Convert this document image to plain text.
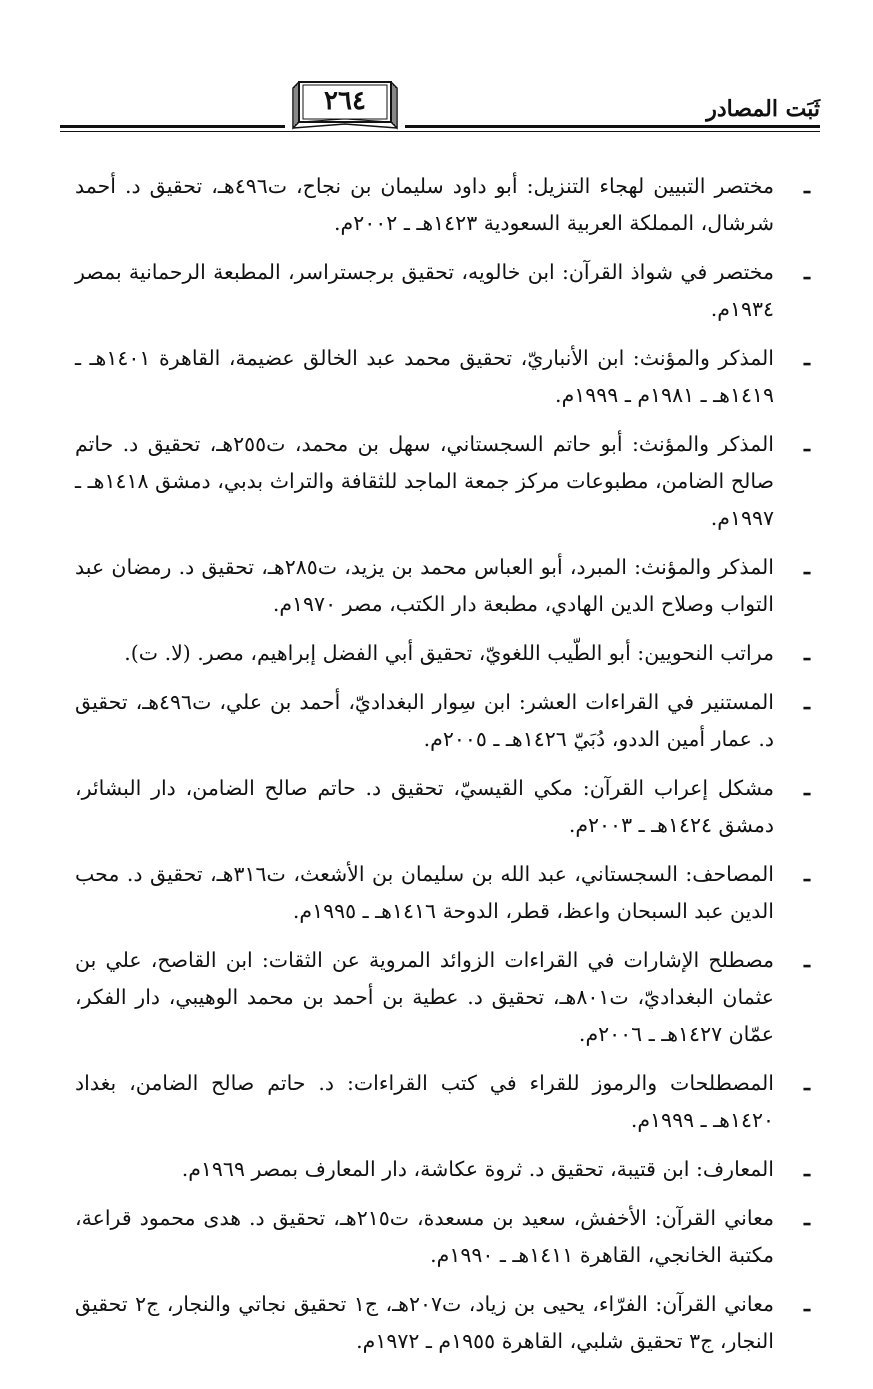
ثَبَت المصادر
٢٦٤
ـ
مختصر التبيين لهجاء التنزيل: أبو داود سليمان بن نجاح، ت٤٩٦هـ، تحقيق د. أحمد شرشال، المملكة العربية السعودية ١٤٢٣هـ ـ ٢٠٠٢م.
ـ
مختصر في شواذ القرآن: ابن خالويه، تحقيق برجستراسر، المطبعة الرحمانية بمصر ١٩٣٤م.
ـ
المذكر والمؤنث: ابن الأنباريّ، تحقيق محمد عبد الخالق عضيمة، القاهرة ١٤٠١هـ ـ ١٤١٩هـ ـ ١٩٨١م ـ ١٩٩٩م.
ـ
المذكر والمؤنث: أبو حاتم السجستاني، سهل بن محمد، ت٢٥٥هـ، تحقيق د. حاتم صالح الضامن، مطبوعات مركز جمعة الماجد للثقافة والتراث بدبي، دمشق ١٤١٨هـ ـ ١٩٩٧م.
ـ
المذكر والمؤنث: المبرد، أبو العباس محمد بن يزيد، ت٢٨٥هـ، تحقيق د. رمضان عبد التواب وصلاح الدين الهادي، مطبعة دار الكتب، مصر ١٩٧٠م.
ـ
مراتب النحويين: أبو الطّيب اللغويّ، تحقيق أبي الفضل إبراهيم، مصر. (لا. ت).
ـ
المستنير في القراءات العشر: ابن سِوار البغداديّ، أحمد بن علي، ت٤٩٦هـ، تحقيق د. عمار أمين الددو، دُبَيّ ١٤٢٦هـ ـ ٢٠٠٥م.
ـ
مشكل إعراب القرآن: مكي القيسيّ، تحقيق د. حاتم صالح الضامن، دار البشائر، دمشق ١٤٢٤هـ ـ ٢٠٠٣م.
ـ
المصاحف: السجستاني، عبد الله بن سليمان بن الأشعث، ت٣١٦هـ، تحقيق د. محب الدين عبد السبحان واعظ، قطر، الدوحة ١٤١٦هـ ـ ١٩٩٥م.
ـ
مصطلح الإشارات في القراءات الزوائد المروية عن الثقات: ابن القاصح، علي بن عثمان البغداديّ، ت٨٠١هـ، تحقيق د. عطية بن أحمد بن محمد الوهيبي، دار الفكر، عمّان ١٤٢٧هـ ـ ٢٠٠٦م.
ـ
المصطلحات والرموز للقراء في كتب القراءات: د. حاتم صالح الضامن، بغداد ١٤٢٠هـ ـ ١٩٩٩م.
ـ
المعارف: ابن قتيبة، تحقيق د. ثروة عكاشة، دار المعارف بمصر ١٩٦٩م.
ـ
معاني القرآن: الأخفش، سعيد بن مسعدة، ت٢١٥هـ، تحقيق د. هدى محمود قراعة، مكتبة الخانجي، القاهرة ١٤١١هـ ـ ١٩٩٠م.
ـ
معاني القرآن: الفرّاء، يحيى بن زياد، ت٢٠٧هـ، ج١ تحقيق نجاتي والنجار، ج٢ تحقيق النجار، ج٣ تحقيق شلبي، القاهرة ١٩٥٥م ـ ١٩٧٢م.
